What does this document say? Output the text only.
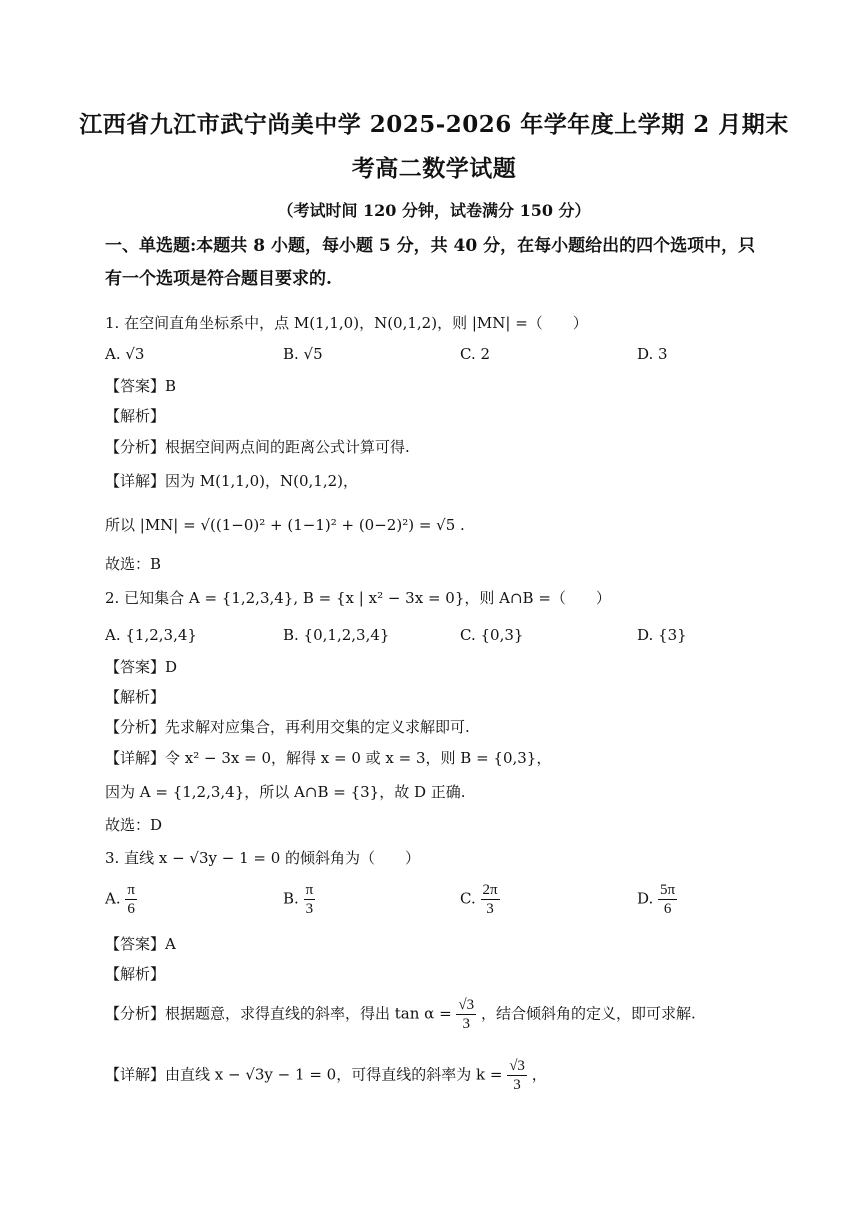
江西省九江市武宁尚美中学 2025-2026 年学年度上学期 2 月期末
考高二数学试题
（考试时间 120 分钟，试卷满分 150 分）
一、单选题:本题共 8 小题，每小题 5 分，共 40 分，在每小题给出的四个选项中，只有一个选项是符合题目要求的.
1. 在空间直角坐标系中，点 M(1,1,0)，N(0,1,2)，则 |MN| =（　　）
A. √3	B. √5	C. 2	D. 3
【答案】B
【解析】
【分析】根据空间两点间的距离公式计算可得.
【详解】因为 M(1,1,0)，N(0,1,2)，
所以 |MN| = √((1−0)² + (1−1)² + (0−2)²) = √5 .
故选：B
2. 已知集合 A = {1,2,3,4}, B = {x | x² − 3x = 0}，则 A∩B =（　　）
A. {1,2,3,4}	B. {0,1,2,3,4}	C. {0,3}	D. {3}
【答案】D
【解析】
【分析】先求解对应集合，再利用交集的定义求解即可.
【详解】令 x² − 3x = 0，解得 x = 0 或 x = 3，则 B = {0,3}，
因为 A = {1,2,3,4}，所以 A∩B = {3}，故 D 正确.
故选：D
3. 直线 x − √3y − 1 = 0 的倾斜角为（　　）
A. $\frac{\pi}{6}$	B. $\frac{\pi}{3}$	C. $\frac{2\pi}{3}$	D. $\frac{5\pi}{6}$
【答案】A
【解析】
【分析】根据题意，求得直线的斜率，得出 $\tan \alpha = \frac{√3}{3}$ ，结合倾斜角的定义，即可求解.
【详解】由直线 x − √3y − 1 = 0，可得直线的斜率为 $k = \frac{√3}{3}$ ，
